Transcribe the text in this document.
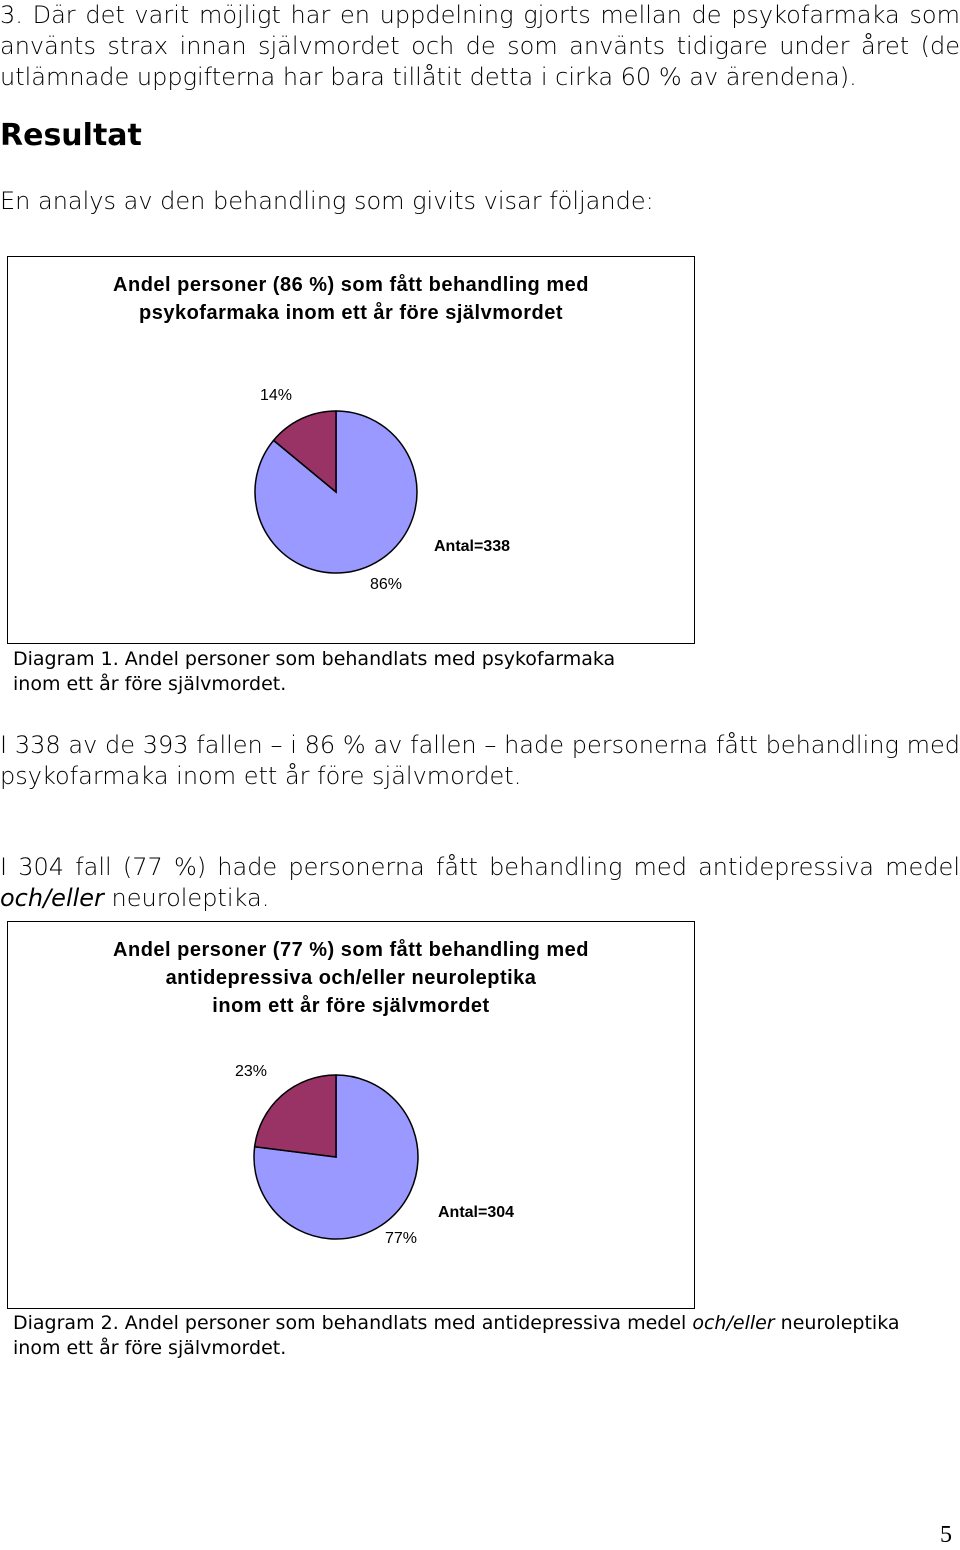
3. Där det varit möjligt har en uppdelning gjorts mellan de psykofarmaka som
använts strax innan självmordet och de som använts tidigare under året (de
utlämnade uppgifterna har bara tillåtit detta i cirka 60 % av ärendena).
Resultat
En analys av den behandling som givits visar följande:
Andel personer (86 %) som fått behandling med
psykofarmaka inom ett år före självmordet
14%
86%
Antal=338
Diagram 1. Andel personer som behandlats med psykofarmaka
inom ett år före självmordet.
I 338 av de 393 fallen – i 86 % av fallen – hade personerna fått behandling med
psykofarmaka inom ett år före självmordet.
I 304 fall (77 %) hade personerna fått behandling med antidepressiva medel
och/eller neuroleptika.
Andel personer (77 %) som fått behandling med
antidepressiva och/eller neuroleptika
inom ett år före självmordet
23%
77%
Antal=304
Diagram 2. Andel personer som behandlats med antidepressiva medel och/eller neuroleptika
inom ett år före självmordet.
5
